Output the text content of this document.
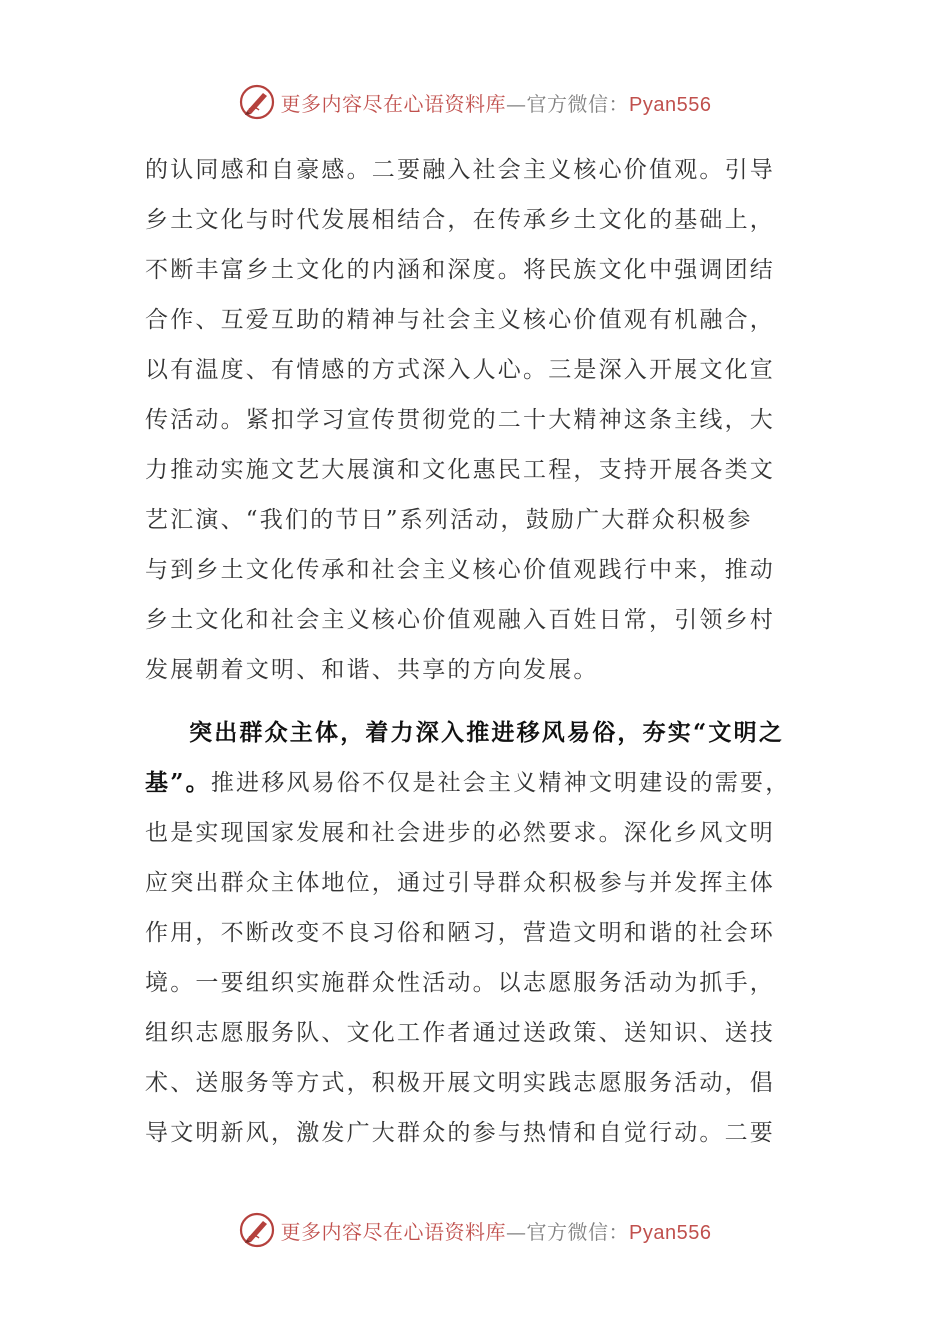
更多内容尽在心语资料库—官方微信：Pyan556
的认同感和自豪感。二要融入社会主义核心价值观。引导
乡土文化与时代发展相结合，在传承乡土文化的基础上，
不断丰富乡土文化的内涵和深度。将民族文化中强调团结
合作、互爱互助的精神与社会主义核心价值观有机融合，
以有温度、有情感的方式深入人心。三是深入开展文化宣
传活动。紧扣学习宣传贯彻党的二十大精神这条主线，大
力推动实施文艺大展演和文化惠民工程，支持开展各类文
艺汇演、“我们的节日”系列活动，鼓励广大群众积极参
与到乡土文化传承和社会主义核心价值观践行中来，推动
乡土文化和社会主义核心价值观融入百姓日常，引领乡村
发展朝着文明、和谐、共享的方向发展。
突出群众主体，着力深入推进移风易俗，夯实“文明之
基”。推进移风易俗不仅是社会主义精神文明建设的需要，
也是实现国家发展和社会进步的必然要求。深化乡风文明
应突出群众主体地位，通过引导群众积极参与并发挥主体
作用，不断改变不良习俗和陋习，营造文明和谐的社会环
境。一要组织实施群众性活动。以志愿服务活动为抓手，
组织志愿服务队、文化工作者通过送政策、送知识、送技
术、送服务等方式，积极开展文明实践志愿服务活动，倡
导文明新风，激发广大群众的参与热情和自觉行动。二要
更多内容尽在心语资料库—官方微信：Pyan556
